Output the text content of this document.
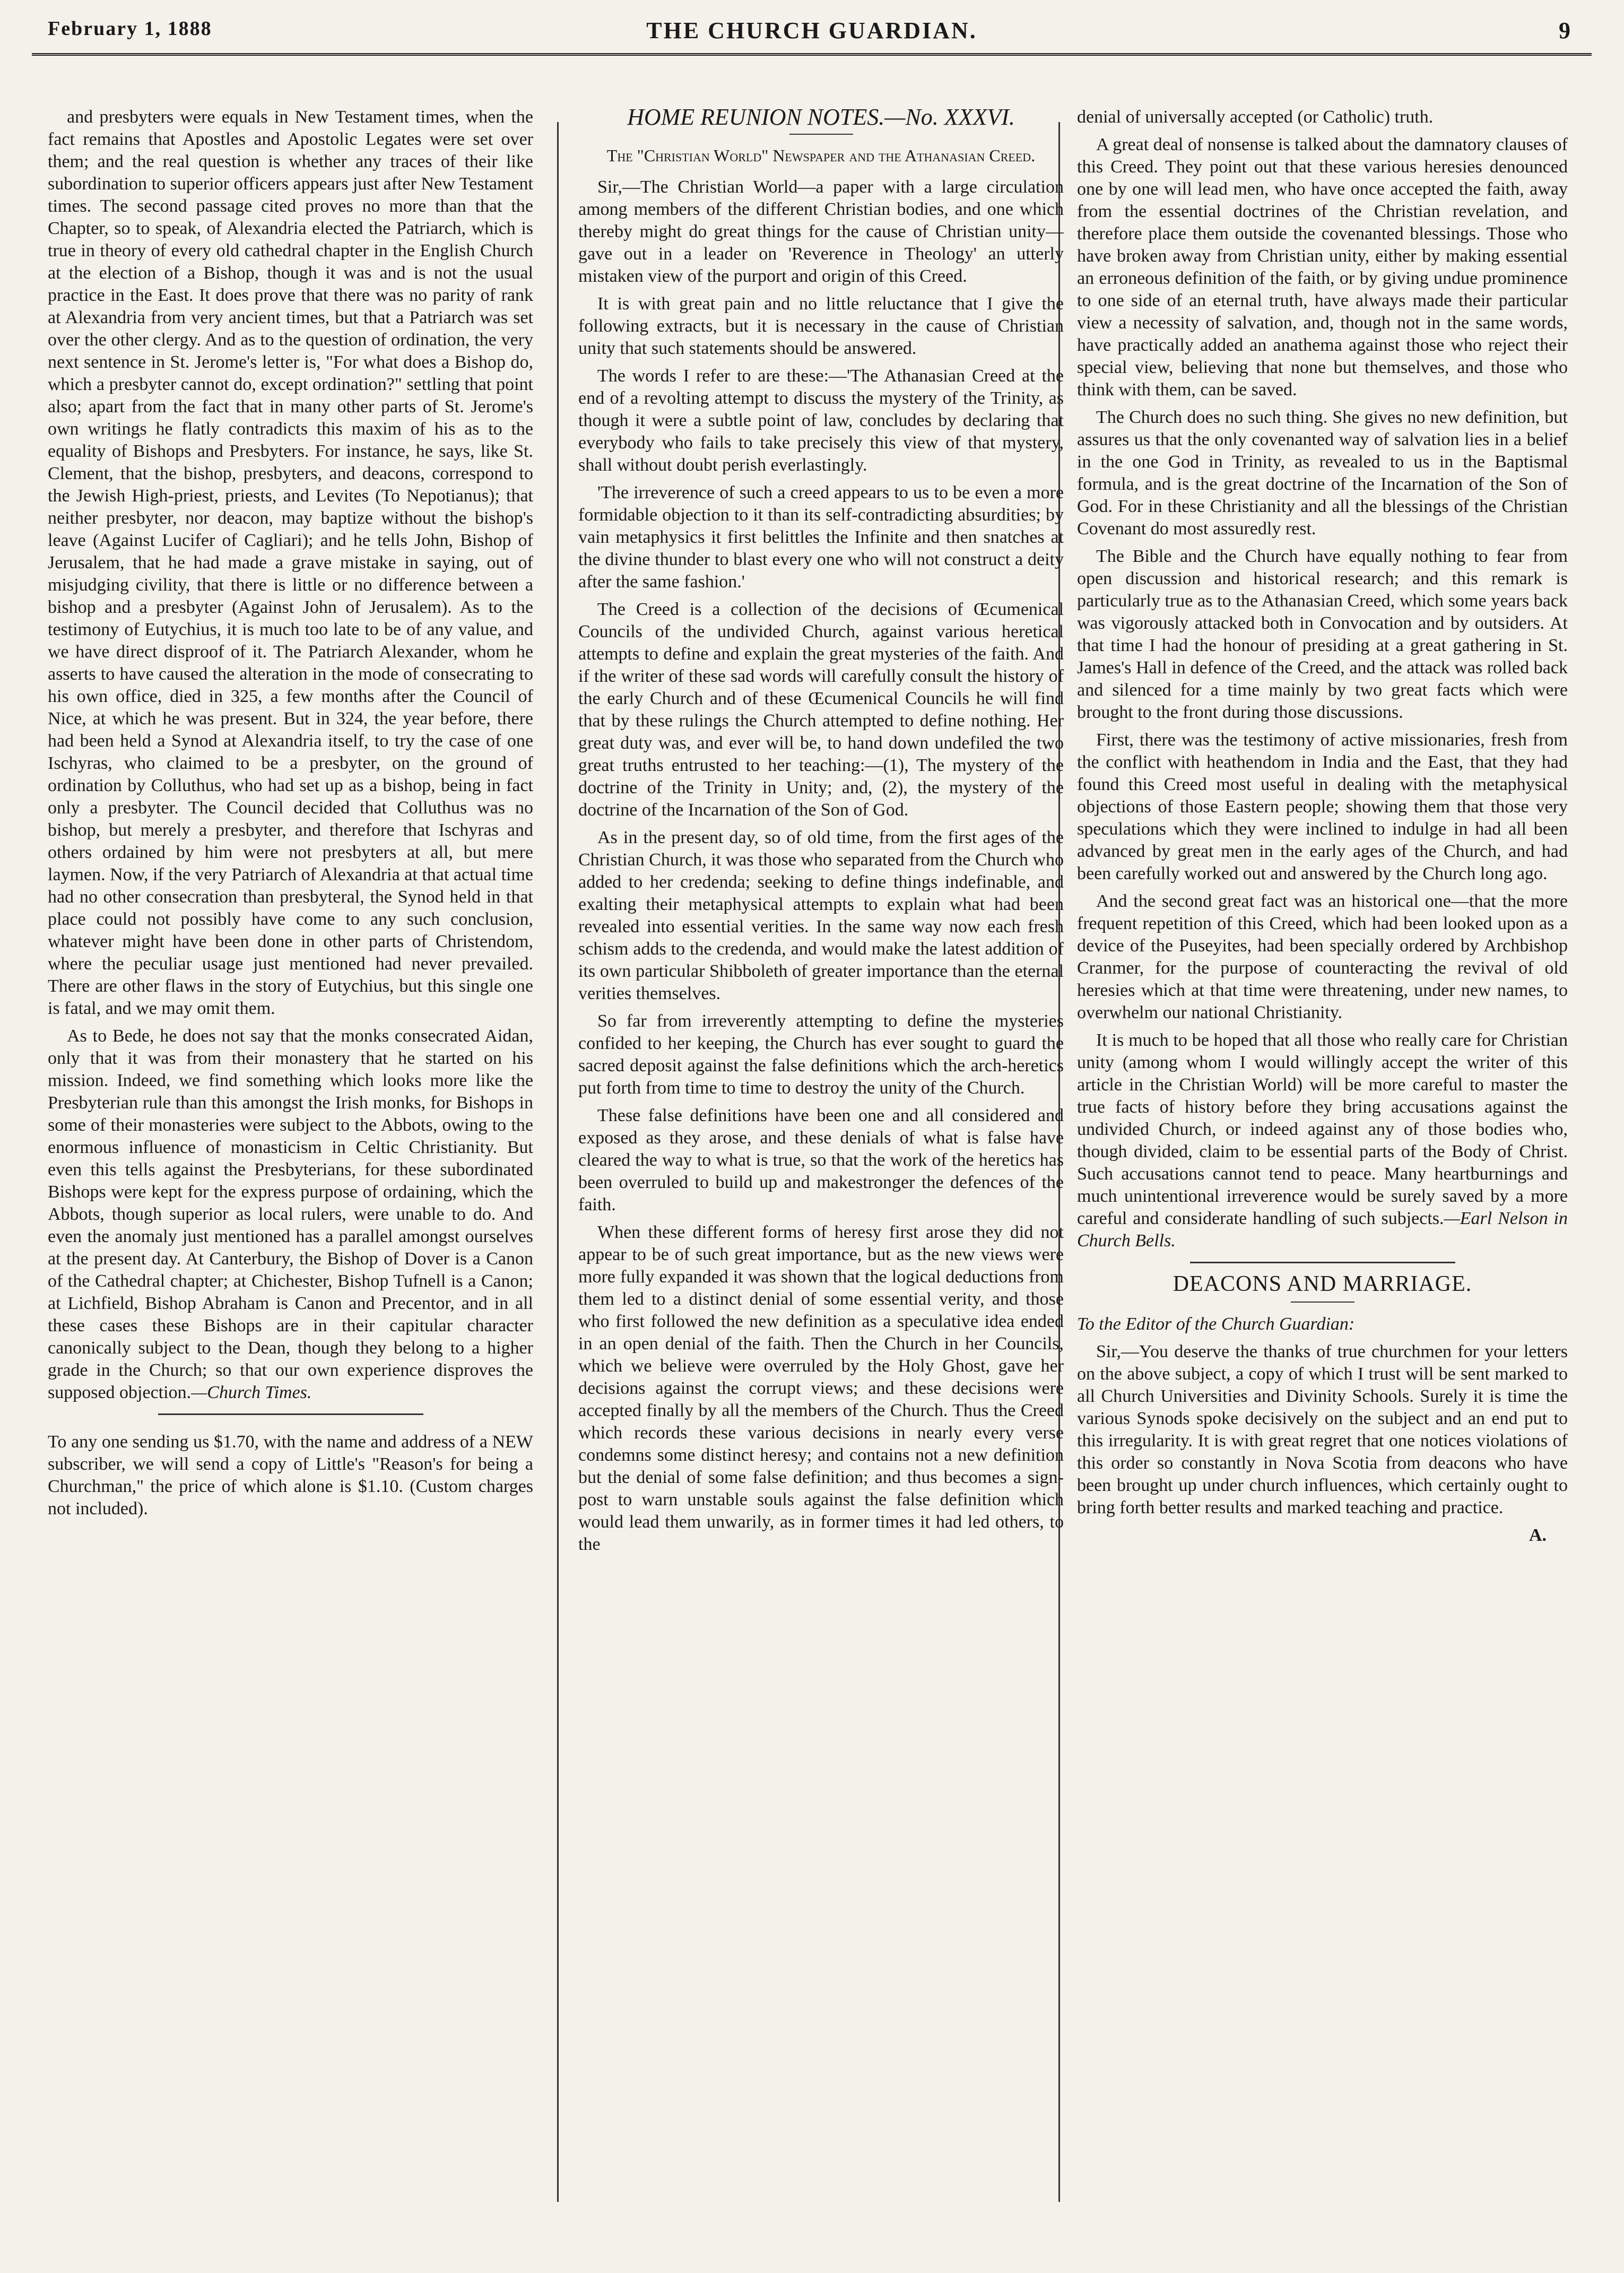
February 1, 1888	THE CHURCH GUARDIAN.	9

and presbyters were equals in New Testament times, when the fact remains that Apostles and Apostolic Legates were set over them; and the real question is whether any traces of their like subordination to superior officers appears just after New Testament times. The second passage cited proves no more than that the Chapter, so to speak, of Alexandria elected the Patriarch, which is true in theory of every old cathedral chapter in the English Church at the election of a Bishop, though it was and is not the usual practice in the East. It does prove that there was no parity of rank at Alexandria from very ancient times, but that a Patriarch was set over the other clergy. And as to the question of ordination, the very next sentence in St. Jerome's letter is, "For what does a Bishop do, which a presbyter cannot do, except ordination?" settling that point also; apart from the fact that in many other parts of St. Jerome's own writings he flatly contradicts this maxim of his as to the equality of Bishops and Presbyters. For instance, he says, like St. Clement, that the bishop, presbyters, and deacons, correspond to the Jewish High-priest, priests, and Levites (To Nepotianus); that neither presbyter, nor deacon, may baptize without the bishop's leave (Against Lucifer of Cagliari); and he tells John, Bishop of Jerusalem, that he had made a grave mistake in saying, out of misjudging civility, that there is little or no difference between a bishop and a presbyter (Against John of Jerusalem). As to the testimony of Eutychius, it is much too late to be of any value, and we have direct disproof of it. The Patriarch Alexander, whom he asserts to have caused the alteration in the mode of consecrating to his own office, died in 325, a few months after the Council of Nice, at which he was present. But in 324, the year before, there had been held a Synod at Alexandria itself, to try the case of one Ischyras, who claimed to be a presbyter, on the ground of ordination by Colluthus, who had set up as a bishop, being in fact only a presbyter. The Council decided that Colluthus was no bishop, but merely a presbyter, and therefore that Ischyras and others ordained by him were not presbyters at all, but mere laymen. Now, if the very Patriarch of Alexandria at that actual time had no other consecration than presbyteral, the Synod held in that place could not possibly have come to any such conclusion, whatever might have been done in other parts of Christendom, where the peculiar usage just mentioned had never prevailed. There are other flaws in the story of Eutychius, but this single one is fatal, and we may omit them.

As to Bede, he does not say that the monks consecrated Aidan, only that it was from their monastery that he started on his mission. Indeed, we find something which looks more like the Presbyterian rule than this amongst the Irish monks, for Bishops in some of their monasteries were subject to the Abbots, owing to the enormous influence of monasticism in Celtic Christianity. But even this tells against the Presbyterians, for these subordinated Bishops were kept for the express purpose of ordaining, which the Abbots, though superior as local rulers, were unable to do. And even the anomaly just mentioned has a parallel amongst ourselves at the present day. At Canterbury, the Bishop of Dover is a Canon of the Cathedral chapter; at Chichester, Bishop Tufnell is a Canon; at Lichfield, Bishop Abraham is Canon and Precentor, and in all these cases these Bishops are in their capitular character canonically subject to the Dean, though they belong to a higher grade in the Church; so that our own experience disproves the supposed objection.—Church Times.

To any one sending us $1.70, with the name and address of a NEW subscriber, we will send a copy of Little's "Reason's for being a Churchman," the price of which alone is $1.10. (Custom charges not included).

HOME REUNION NOTES.—No. XXXVI.
The "Christian World" Newspaper and the Athanasian Creed.

Sir,—The Christian World—a paper with a large circulation among members of the different Christian bodies, and one which thereby might do great things for the cause of Christian unity—gave out in a leader on 'Reverence in Theology' an utterly mistaken view of the purport and origin of this Creed.

It is with great pain and no little reluctance that I give the following extracts, but it is necessary in the cause of Christian unity that such statements should be answered.

The words I refer to are these:—'The Athanasian Creed at the end of a revolting attempt to discuss the mystery of the Trinity, as though it were a subtle point of law, concludes by declaring that everybody who fails to take precisely this view of that mystery, shall without doubt perish everlastingly.

'The irreverence of such a creed appears to us to be even a more formidable objection to it than its self-contradicting absurdities; by vain metaphysics it first belittles the Infinite and then snatches at the divine thunder to blast every one who will not construct a deity after the same fashion.'

The Creed is a collection of the decisions of Œcumenical Councils of the undivided Church, against various heretical attempts to define and explain the great mysteries of the faith. And if the writer of these sad words will carefully consult the history of the early Church and of these Œcumenical Councils he will find that by these rulings the Church attempted to define nothing. Her great duty was, and ever will be, to hand down undefiled the two great truths entrusted to her teaching:—(1), The mystery of the doctrine of the Trinity in Unity; and, (2), the mystery of the doctrine of the Incarnation of the Son of God.

As in the present day, so of old time, from the first ages of the Christian Church, it was those who separated from the Church who added to her credenda; seeking to define things indefinable, and exalting their metaphysical attempts to explain what had been revealed into essential verities. In the same way now each fresh schism adds to the credenda, and would make the latest addition of its own particular Shibboleth of greater importance than the eternal verities themselves.

So far from irreverently attempting to define the mysteries confided to her keeping, the Church has ever sought to guard the sacred deposit against the false definitions which the arch-heretics put forth from time to time to destroy the unity of the Church.

These false definitions have been one and all considered and exposed as they arose, and these denials of what is false have cleared the way to what is true, so that the work of the heretics has been overruled to build up and makestronger the defences of the faith.

When these different forms of heresy first arose they did not appear to be of such great importance, but as the new views were more fully expanded it was shown that the logical deductions from them led to a distinct denial of some essential verity, and those who first followed the new definition as a speculative idea ended in an open denial of the faith. Then the Church in her Councils, which we believe were overruled by the Holy Ghost, gave her decisions against the corrupt views; and these decisions were accepted finally by all the members of the Church. Thus the Creed which records these various decisions in nearly every verse condemns some distinct heresy; and contains not a new definition but the denial of some false definition; and thus becomes a sign-post to warn unstable souls against the false definition which would lead them unwarily, as in former times it had led others, to the

denial of universally accepted (or Catholic) truth.

A great deal of nonsense is talked about the damnatory clauses of this Creed. They point out that these various heresies denounced one by one will lead men, who have once accepted the faith, away from the essential doctrines of the Christian revelation, and therefore place them outside the covenanted blessings. Those who have broken away from Christian unity, either by making essential an erroneous definition of the faith, or by giving undue prominence to one side of an eternal truth, have always made their particular view a necessity of salvation, and, though not in the same words, have practically added an anathema against those who reject their special view, believing that none but themselves, and those who think with them, can be saved.

The Church does no such thing. She gives no new definition, but assures us that the only covenanted way of salvation lies in a belief in the one God in Trinity, as revealed to us in the Baptismal formula, and is the great doctrine of the Incarnation of the Son of God. For in these Christianity and all the blessings of the Christian Covenant do most assuredly rest.

The Bible and the Church have equally nothing to fear from open discussion and historical research; and this remark is particularly true as to the Athanasian Creed, which some years back was vigorously attacked both in Convocation and by outsiders. At that time I had the honour of presiding at a great gathering in St. James's Hall in defence of the Creed, and the attack was rolled back and silenced for a time mainly by two great facts which were brought to the front during those discussions.

First, there was the testimony of active missionaries, fresh from the conflict with heathendom in India and the East, that they had found this Creed most useful in dealing with the metaphysical objections of those Eastern people; showing them that those very speculations which they were inclined to indulge in had all been advanced by great men in the early ages of the Church, and had been carefully worked out and answered by the Church long ago.

And the second great fact was an historical one—that the more frequent repetition of this Creed, which had been looked upon as a device of the Puseyites, had been specially ordered by Archbishop Cranmer, for the purpose of counteracting the revival of old heresies which at that time were threatening, under new names, to overwhelm our national Christianity.

It is much to be hoped that all those who really care for Christian unity (among whom I would willingly accept the writer of this article in the Christian World) will be more careful to master the true facts of history before they bring accusations against the undivided Church, or indeed against any of those bodies who, though divided, claim to be essential parts of the Body of Christ. Such accusations cannot tend to peace. Many heartburnings and much unintentional irreverence would be surely saved by a more careful and considerate handling of such subjects.—Earl Nelson in Church Bells.

DEACONS AND MARRIAGE.

To the Editor of the Church Guardian:

Sir,—You deserve the thanks of true churchmen for your letters on the above subject, a copy of which I trust will be sent marked to all Church Universities and Divinity Schools. Surely it is time the various Synods spoke decisively on the subject and an end put to this irregularity. It is with great regret that one notices violations of this order so constantly in Nova Scotia from deacons who have been brought up under church influences, which certainly ought to bring forth better results and marked teaching and practice.

A.
